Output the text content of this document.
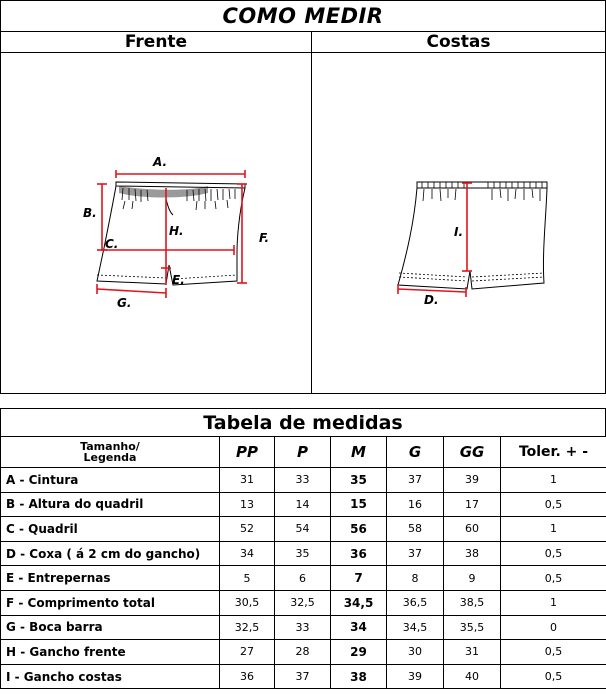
COMO MEDIR
Frente	Costas
A.
B.
C.
H.
E.
F.
G.
I.
D.
Tabela de medidas
Tamanho/
Legenda	PP	P	M	G	GG	Toler. + -
A - Cintura	31	33	35	37	39	1
B - Altura do quadril	13	14	15	16	17	0,5
C - Quadril	52	54	56	58	60	1
D - Coxa ( á 2 cm do gancho)	34	35	36	37	38	0,5
E - Entrepernas	5	6	7	8	9	0,5
F - Comprimento total	30,5	32,5	34,5	36,5	38,5	1
G - Boca barra	32,5	33	34	34,5	35,5	0
H - Gancho frente	27	28	29	30	31	0,5
I - Gancho costas	36	37	38	39	40	0,5
